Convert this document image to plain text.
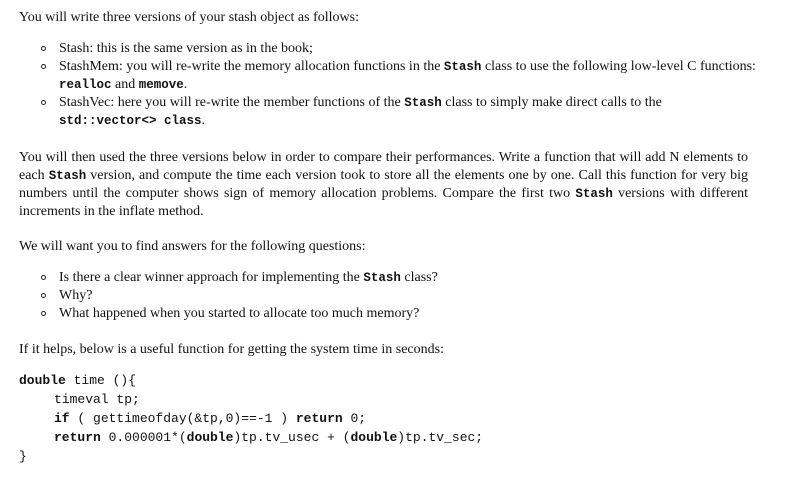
You will write three versions of your stash object as follows:

Stash: this is the same version as in the book;
StashMem: you will re-write the memory allocation functions in the Stash class to use the following low-level C functions: realloc and memove.
StashVec: here you will re-write the member functions of the Stash class to simply make direct calls to the std::vector<> class.

You will then used the three versions below in order to compare their performances. Write a function that will add N elements to each Stash version, and compute the time each version took to store all the elements one by one. Call this function for very big numbers until the computer shows sign of memory allocation problems. Compare the first two Stash versions with different increments in the inflate method.

We will want you to find answers for the following questions:

Is there a clear winner approach for implementing the Stash class?
Why?
What happened when you started to allocate too much memory?

If it helps, below is a useful function for getting the system time in seconds:

double time (){
timeval tp;
if ( gettimeofday(&tp,0)==-1 ) return 0;
return 0.000001*(double)tp.tv_usec + (double)tp.tv_sec;
}
